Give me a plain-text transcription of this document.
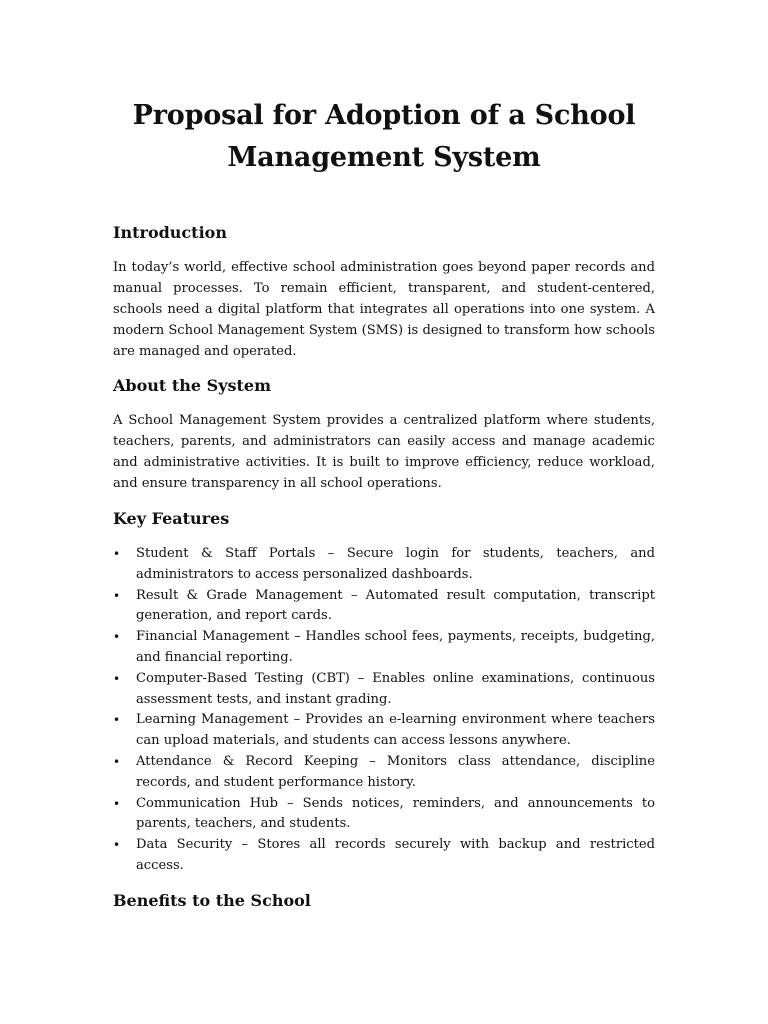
Proposal for Adoption of a School Management System
Introduction

In today’s world, effective school administration goes beyond paper records and manual processes. To remain efficient, transparent, and student-centered, schools need a digital platform that integrates all operations into one system. A modern School Management System (SMS) is designed to transform how schools are managed and operated.

About the System

A School Management System provides a centralized platform where students, teachers, parents, and administrators can easily access and manage academic and administrative activities. It is built to improve efficiency, reduce workload, and ensure transparency in all school operations.

Key Features
• Student & Staff Portals – Secure login for students, teachers, and administrators to access personalized dashboards.
• Result & Grade Management – Automated result computation, transcript generation, and report cards.
• Financial Management – Handles school fees, payments, receipts, budgeting, and financial reporting.
• Computer-Based Testing (CBT) – Enables online examinations, continuous assessment tests, and instant grading.
• Learning Management – Provides an e-learning environment where teachers can upload materials, and students can access lessons anywhere.
• Attendance & Record Keeping – Monitors class attendance, discipline records, and student performance history.
• Communication Hub – Sends notices, reminders, and announcements to parents, teachers, and students.
• Data Security – Stores all records securely with backup and restricted access.
Benefits to the School
